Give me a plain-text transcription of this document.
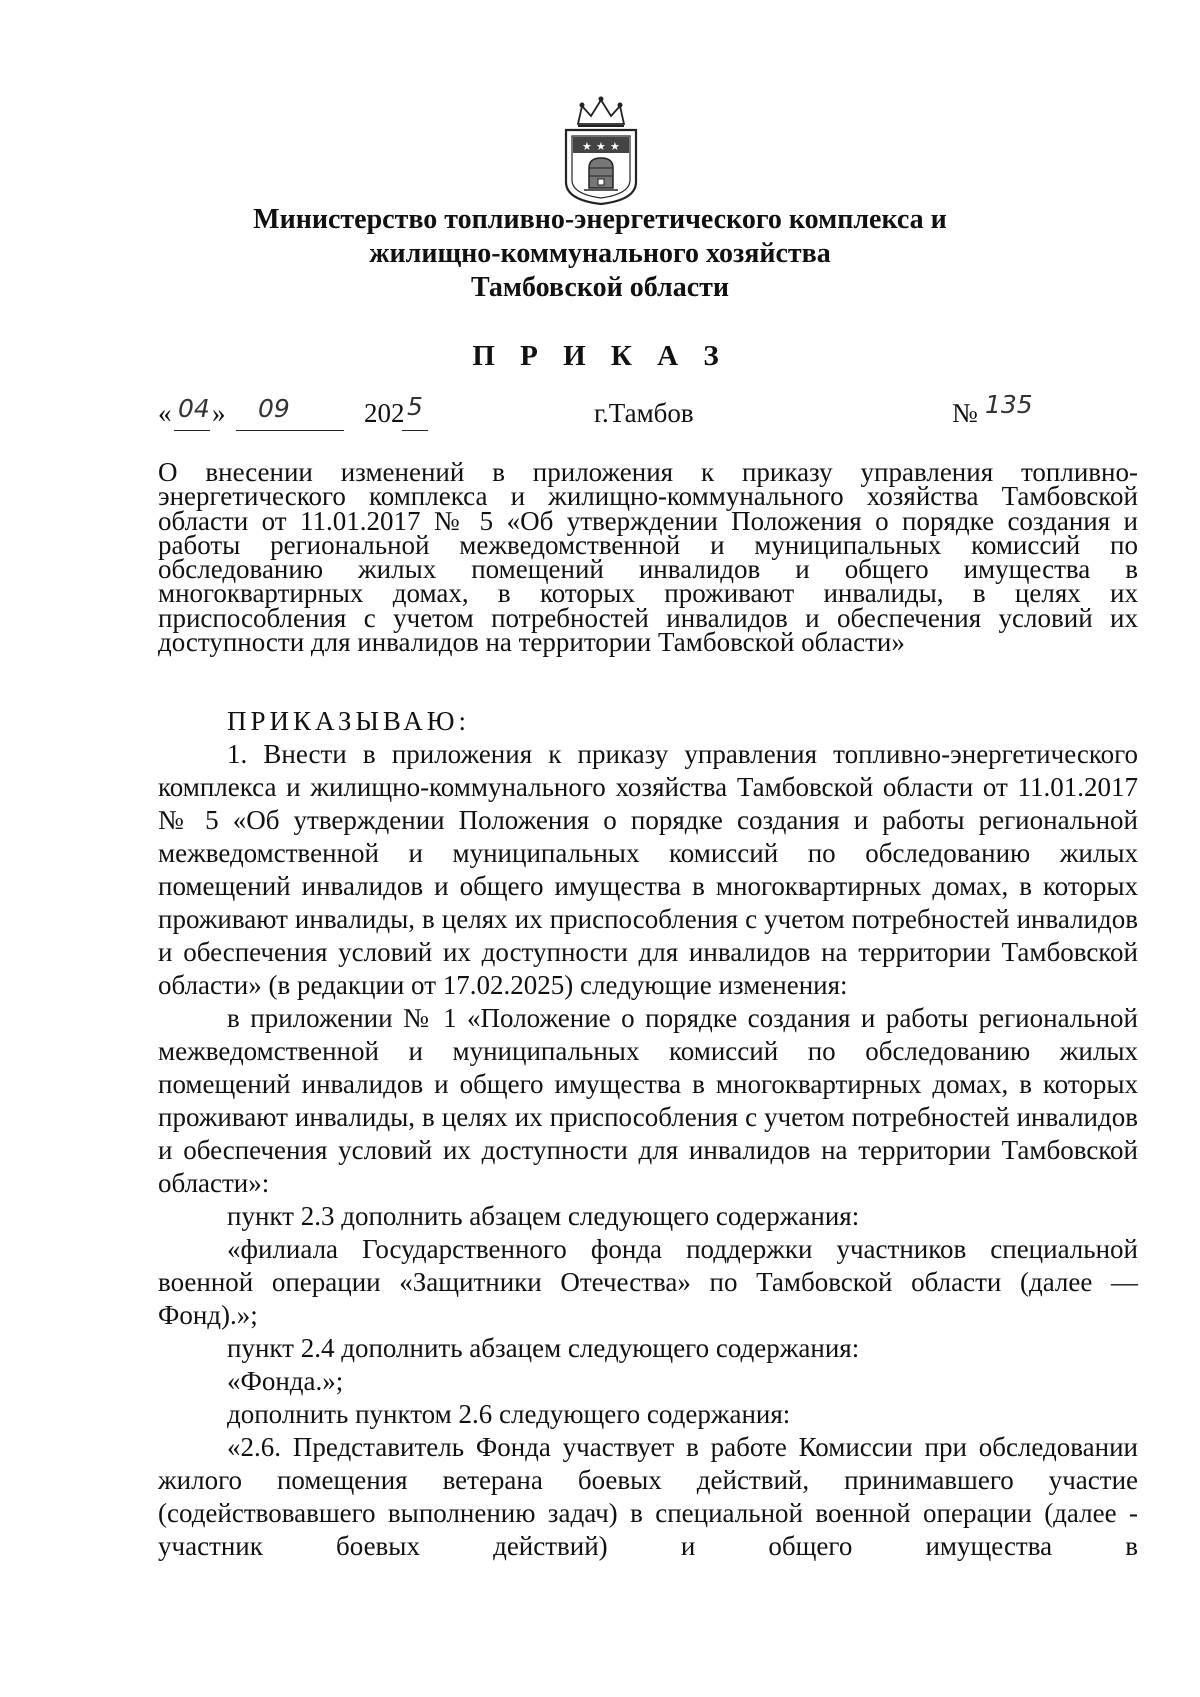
★ ★ ★
Министерство топливно-энергетического комплекса и
жилищно-коммунального хозяйства
Тамбовской области
П Р И К А З
« 04 » 09	202 5	г.Тамбов	№ 135
О внесении изменений в приложения к приказу управления топливно-энергетического комплекса и жилищно-коммунального хозяйства Тамбовской области от 11.01.2017 № 5 «Об утверждении Положения о порядке создания и работы региональной межведомственной и муниципальных комиссий по обследованию жилых помещений инвалидов и общего имущества в многоквартирных домах, в которых проживают инвалиды, в целях их приспособления с учетом потребностей инвалидов и обеспечения условий их доступности для инвалидов на территории Тамбовской области»

ПРИКАЗЫВАЮ:

1. Внести в приложения к приказу управления топливно-энергетического комплекса и жилищно-коммунального хозяйства Тамбовской области от 11.01.2017 № 5 «Об утверждении Положения о порядке создания и работы региональной межведомственной и муниципальных комиссий по обследованию жилых помещений инвалидов и общего имущества в многоквартирных домах, в которых проживают инвалиды, в целях их приспособления с учетом потребностей инвалидов и обеспечения условий их доступности для инвалидов на территории Тамбовской области» (в редакции от 17.02.2025) следующие изменения:

в приложении № 1 «Положение о порядке создания и работы региональной межведомственной и муниципальных комиссий по обследованию жилых помещений инвалидов и общего имущества в многоквартирных домах, в которых проживают инвалиды, в целях их приспособления с учетом потребностей инвалидов и обеспечения условий их доступности для инвалидов на территории Тамбовской области»:

пункт 2.3 дополнить абзацем следующего содержания:

«филиала Государственного фонда поддержки участников специальной военной операции «Защитники Отечества» по Тамбовской области (далее — Фонд).»;

пункт 2.4 дополнить абзацем следующего содержания:

«Фонда.»;

дополнить пунктом 2.6 следующего содержания:

«2.6. Представитель Фонда участвует в работе Комиссии при обследовании жилого помещения ветерана боевых действий, принимавшего участие (содействовавшего выполнению задач) в специальной военной операции (далее - участник боевых действий) и общего имущества в
